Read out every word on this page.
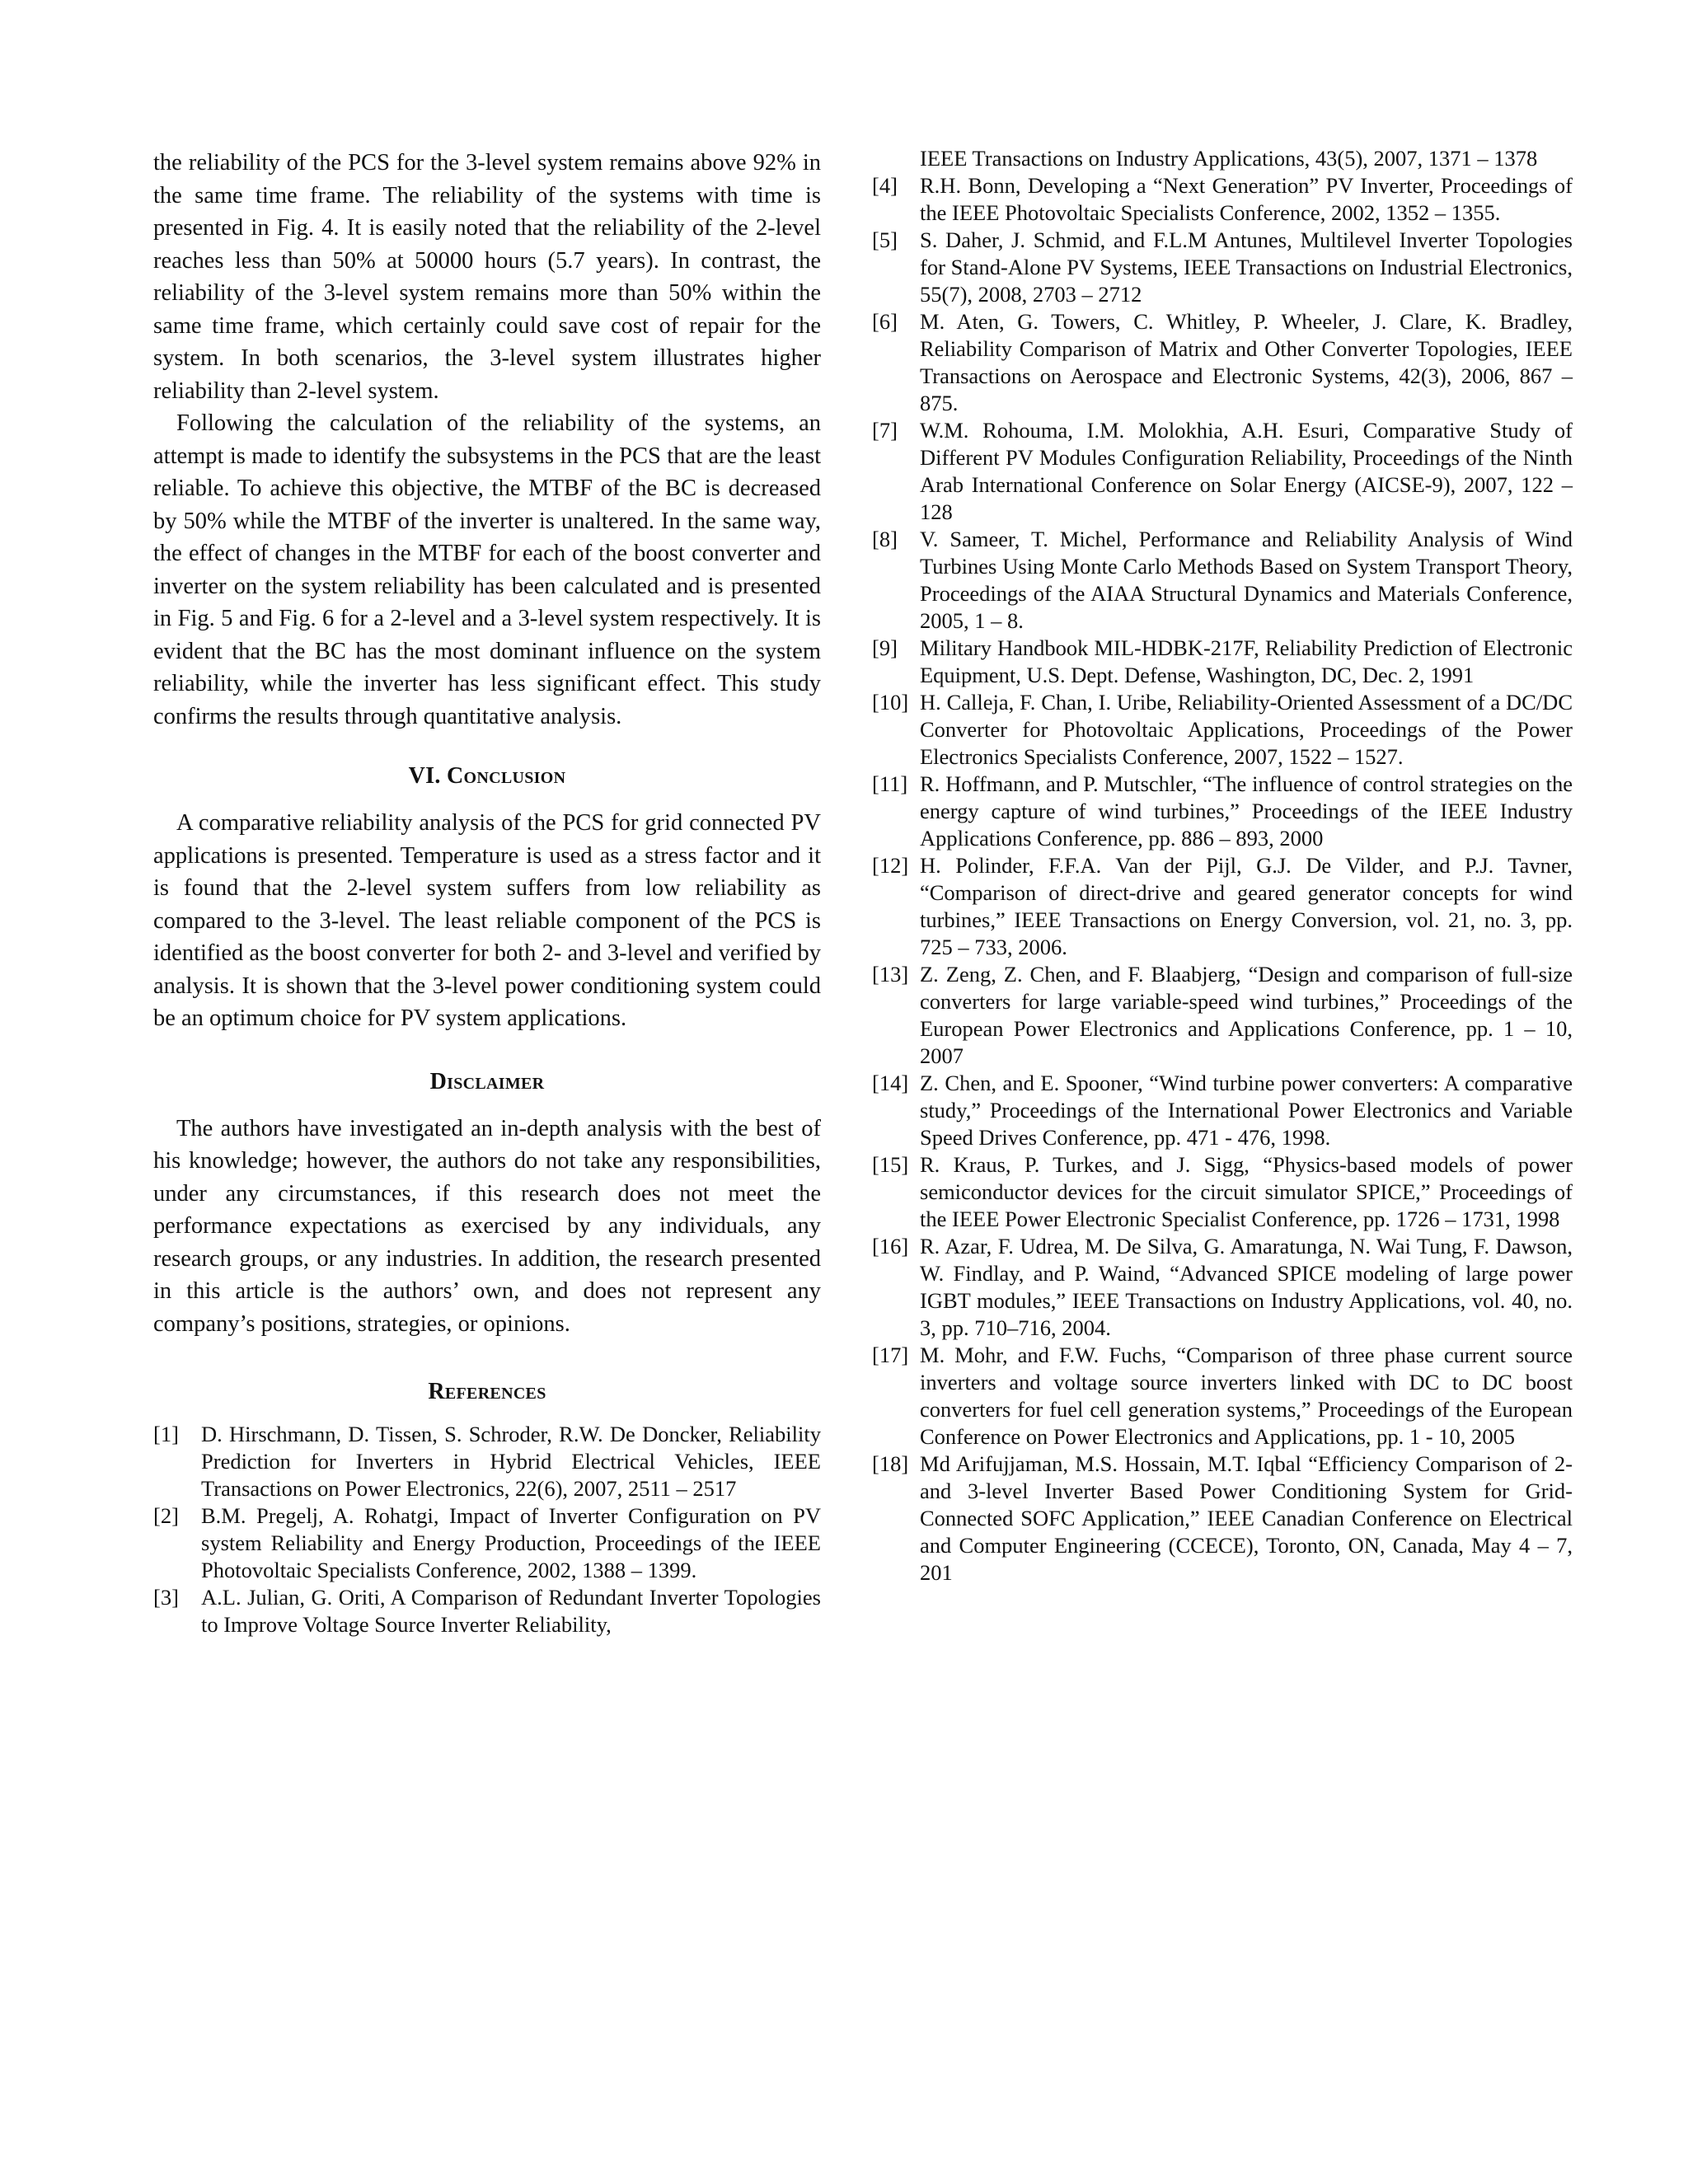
the reliability of the PCS for the 3-level system remains above 92% in the same time frame. The reliability of the systems with time is presented in Fig. 4. It is easily noted that the reliability of the 2-level reaches less than 50% at 50000 hours (5.7 years). In contrast, the reliability of the 3-level system remains more than 50% within the same time frame, which certainly could save cost of repair for the system. In both scenarios, the 3-level system illustrates higher reliability than 2-level system.

Following the calculation of the reliability of the systems, an attempt is made to identify the subsystems in the PCS that are the least reliable. To achieve this objective, the MTBF of the BC is decreased by 50% while the MTBF of the inverter is unaltered. In the same way, the effect of changes in the MTBF for each of the boost converter and inverter on the system reliability has been calculated and is presented in Fig. 5 and Fig. 6 for a 2-level and a 3-level system respectively. It is evident that the BC has the most dominant influence on the system reliability, while the inverter has less significant effect. This study confirms the results through quantitative analysis.

VI. Conclusion

A comparative reliability analysis of the PCS for grid connected PV applications is presented. Temperature is used as a stress factor and it is found that the 2-level system suffers from low reliability as compared to the 3-level. The least reliable component of the PCS is identified as the boost converter for both 2- and 3-level and verified by analysis. It is shown that the 3-level power conditioning system could be an optimum choice for PV system applications.

Disclaimer

The authors have investigated an in-depth analysis with the best of his knowledge; however, the authors do not take any responsibilities, under any circumstances, if this research does not meet the performance expectations as exercised by any individuals, any research groups, or any industries. In addition, the research presented in this article is the authors’ own, and does not represent any company’s positions, strategies, or opinions.

References
[1]	D. Hirschmann, D. Tissen, S. Schroder, R.W. De Doncker, Reliability Prediction for Inverters in Hybrid Electrical Vehicles, IEEE Transactions on Power Electronics, 22(6), 2007, 2511 – 2517
[2]	B.M. Pregelj, A. Rohatgi, Impact of Inverter Configuration on PV system Reliability and Energy Production, Proceedings of the IEEE Photovoltaic Specialists Conference, 2002, 1388 – 1399.
[3]	A.L. Julian, G. Oriti, A Comparison of Redundant Inverter Topologies to Improve Voltage Source Inverter Reliability,
IEEE Transactions on Industry Applications, 43(5), 2007, 1371 – 1378
[4]	R.H. Bonn, Developing a “Next Generation” PV Inverter, Proceedings of the IEEE Photovoltaic Specialists Conference, 2002, 1352 – 1355.
[5]	S. Daher, J. Schmid, and F.L.M Antunes, Multilevel Inverter Topologies for Stand-Alone PV Systems, IEEE Transactions on Industrial Electronics, 55(7), 2008, 2703 – 2712
[6]	M. Aten, G. Towers, C. Whitley, P. Wheeler, J. Clare, K. Bradley, Reliability Comparison of Matrix and Other Converter Topologies, IEEE Transactions on Aerospace and Electronic Systems, 42(3), 2006, 867 – 875.
[7]	W.M. Rohouma, I.M. Molokhia, A.H. Esuri, Comparative Study of Different PV Modules Configuration Reliability, Proceedings of the Ninth Arab International Conference on Solar Energy (AICSE-9), 2007, 122 – 128
[8]	V. Sameer, T. Michel, Performance and Reliability Analysis of Wind Turbines Using Monte Carlo Methods Based on System Transport Theory, Proceedings of the AIAA Structural Dynamics and Materials Conference, 2005, 1 – 8.
[9]	Military Handbook MIL-HDBK-217F, Reliability Prediction of Electronic Equipment, U.S. Dept. Defense, Washington, DC, Dec. 2, 1991
[10] H. Calleja, F. Chan, I. Uribe, Reliability-Oriented Assessment of a DC/DC Converter for Photovoltaic Applications, Proceedings of the Power Electronics Specialists Conference, 2007, 1522 – 1527.
[11] R. Hoffmann, and P. Mutschler, “The influence of control strategies on the energy capture of wind turbines,” Proceedings of the IEEE Industry Applications Conference, pp. 886 – 893, 2000
[12] H. Polinder, F.F.A. Van der Pijl, G.J. De Vilder, and P.J. Tavner, “Comparison of direct-drive and geared generator concepts for wind turbines,” IEEE Transactions on Energy Conversion, vol. 21, no. 3, pp. 725 – 733, 2006.
[13] Z. Zeng, Z. Chen, and F. Blaabjerg, “Design and comparison of full-size converters for large variable-speed wind turbines,” Proceedings of the European Power Electronics and Applications Conference, pp. 1 – 10, 2007
[14] Z. Chen, and E. Spooner, “Wind turbine power converters: A comparative study,” Proceedings of the International Power Electronics and Variable Speed Drives Conference, pp. 471 - 476, 1998.
[15] R. Kraus, P. Turkes, and J. Sigg, “Physics-based models of power semiconductor devices for the circuit simulator SPICE,” Proceedings of the IEEE Power Electronic Specialist Conference, pp. 1726 – 1731, 1998
[16] R. Azar, F. Udrea, M. De Silva, G. Amaratunga, N. Wai Tung, F. Dawson, W. Findlay, and P. Waind, “Advanced SPICE modeling of large power IGBT modules,” IEEE Transactions on Industry Applications, vol. 40, no. 3, pp. 710–716, 2004.
[17] M. Mohr, and F.W. Fuchs, “Comparison of three phase current source inverters and voltage source inverters linked with DC to DC boost converters for fuel cell generation systems,” Proceedings of the European Conference on Power Electronics and Applications, pp. 1 - 10, 2005
[18] Md Arifujjaman, M.S. Hossain, M.T. Iqbal “Efficiency Comparison of 2- and 3-level Inverter Based Power Conditioning System for Grid-Connected SOFC Application,” IEEE Canadian Conference on Electrical and Computer Engineering (CCECE), Toronto, ON, Canada, May 4 – 7, 201
